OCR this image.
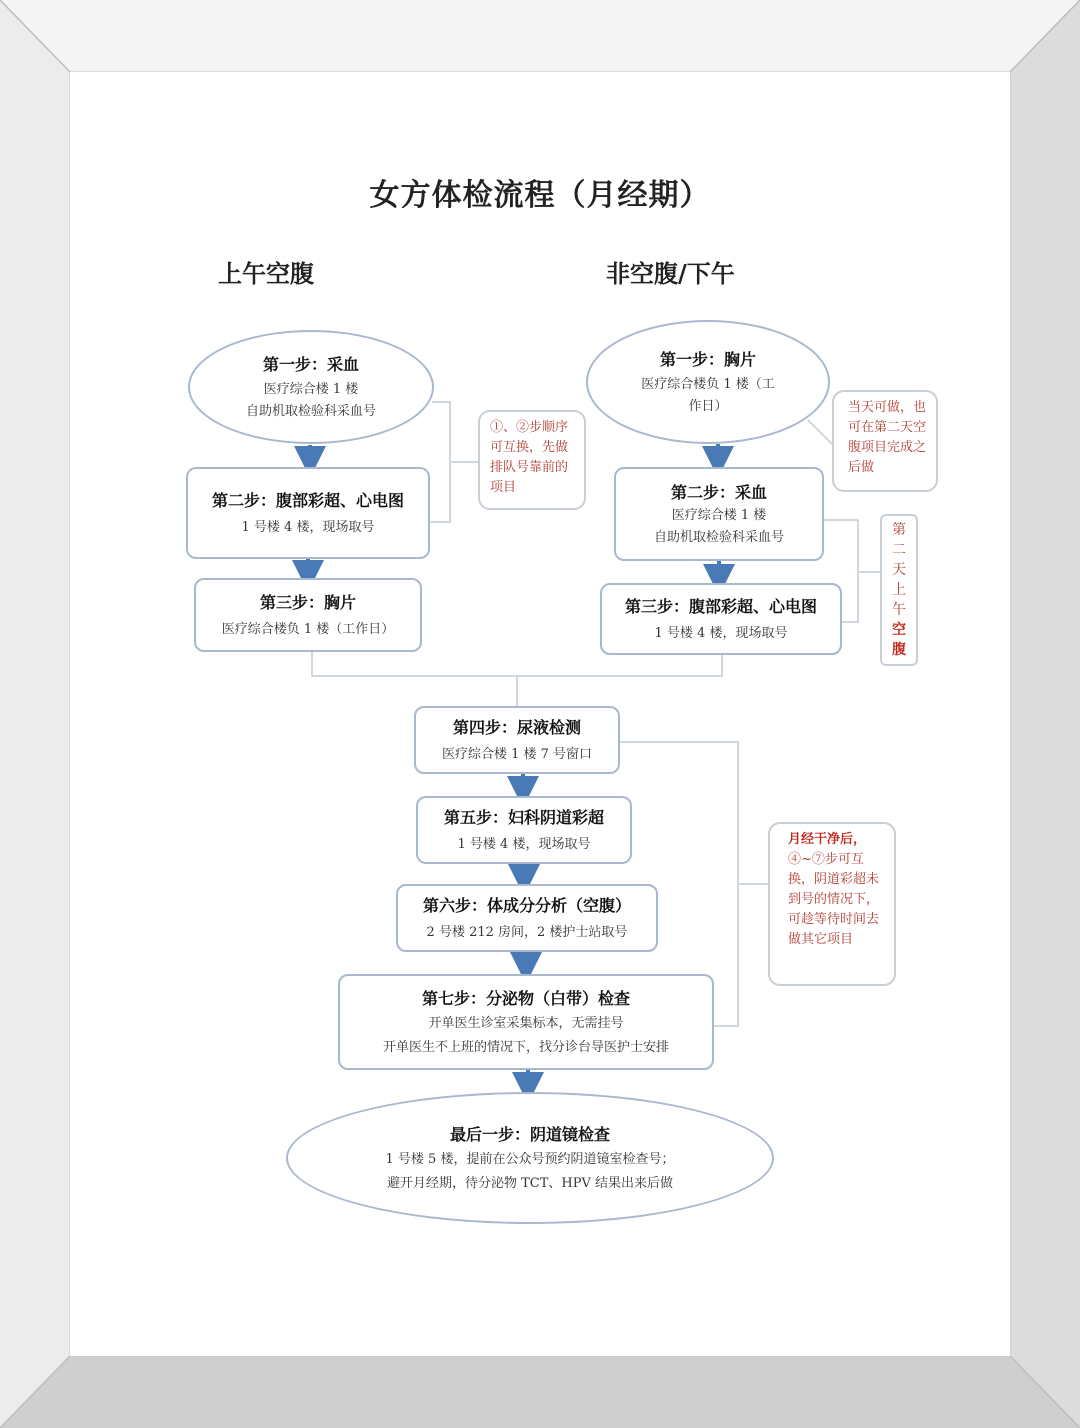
女方体检流程（月经期）
上午空腹	非空腹/下午
第一步：采血
医疗综合楼 1 楼
自助机取检验科采血号
第二步：腹部彩超、心电图
1 号楼 4 楼，现场取号
第三步：胸片
医疗综合楼负 1 楼（工作日）
①、②步顺序可互换，先做排队号靠前的项目
第一步：胸片
医疗综合楼负 1 楼（工
作日）
第二步：采血
医疗综合楼 1 楼
自助机取检验科采血号
第三步：腹部彩超、心电图
1 号楼 4 楼，现场取号
当天可做，也可在第二天空腹项目完成之后做
第
二
天
上
午
空
腹
第四步：尿液检测
医疗综合楼 1 楼 7 号窗口
第五步：妇科阴道彩超
1 号楼 4 楼，现场取号
第六步：体成分分析（空腹）
2 号楼 212 房间，2 楼护士站取号
第七步：分泌物（白带）检查
开单医生诊室采集标本，无需挂号
开单医生不上班的情况下，找分诊台导医护士安排
月经干净后，④~⑦步可互换，阴道彩超未到号的情况下，可趁等待时间去做其它项目
最后一步：阴道镜检查
1 号楼 5 楼，提前在公众号预约阴道镜室检查号；
避开月经期，待分泌物 TCT、HPV 结果出来后做
